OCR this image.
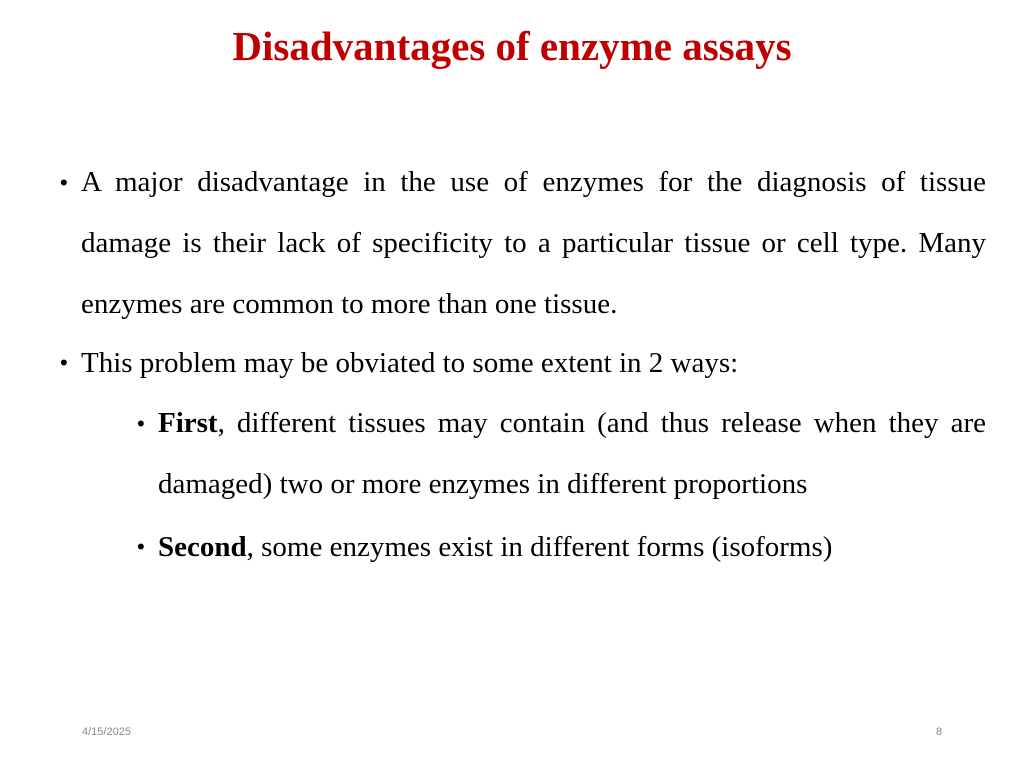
Disadvantages of enzyme assays
• A major disadvantage in the use of enzymes for the diagnosis of tissue damage is their lack of specificity to a particular tissue or cell type. Many enzymes are common to more than one tissue.
• This problem may be obviated to some extent in 2 ways:
• First, different tissues may contain (and thus release when they are damaged) two or more enzymes in different proportions
• Second, some enzymes exist in different forms (isoforms)
4/15/2025	8
